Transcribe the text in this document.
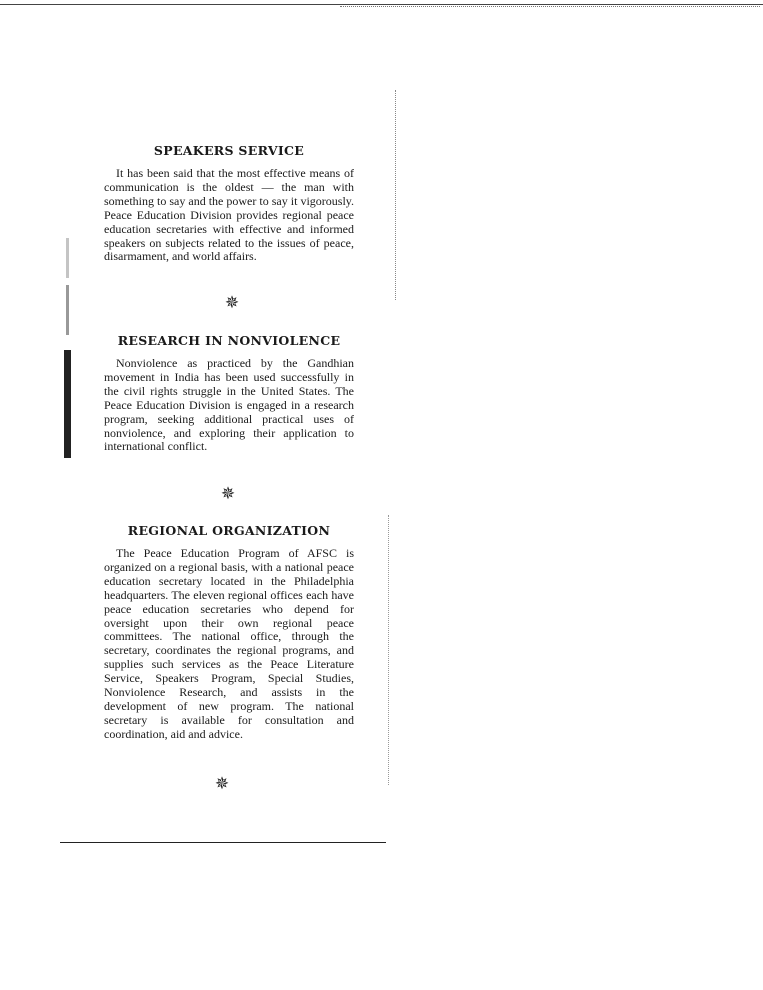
SPEAKERS SERVICE

It has been said that the most effective means of communication is the oldest — the man with something to say and the power to say it vigorously. Peace Education Division provides regional peace education secretaries with effective and informed speakers on subjects related to the issues of peace, disarmament, and world affairs.

✵
RESEARCH IN NONVIOLENCE

Nonviolence as practiced by the Gandhian movement in India has been used successfully in the civil rights struggle in the United States. The Peace Education Division is engaged in a research program, seeking additional practical uses of nonviolence, and exploring their application to international conflict.

✵
REGIONAL ORGANIZATION

The Peace Education Program of AFSC is organized on a regional basis, with a national peace education secretary located in the Philadelphia headquarters. The eleven regional offices each have peace education secretaries who depend for oversight upon their own regional peace committees. The national office, through the secretary, coordinates the regional programs, and supplies such services as the Peace Literature Service, Speakers Program, Special Studies, Nonviolence Research, and assists in the development of new program. The national secretary is available for consultation and coordination, aid and advice.

✵
